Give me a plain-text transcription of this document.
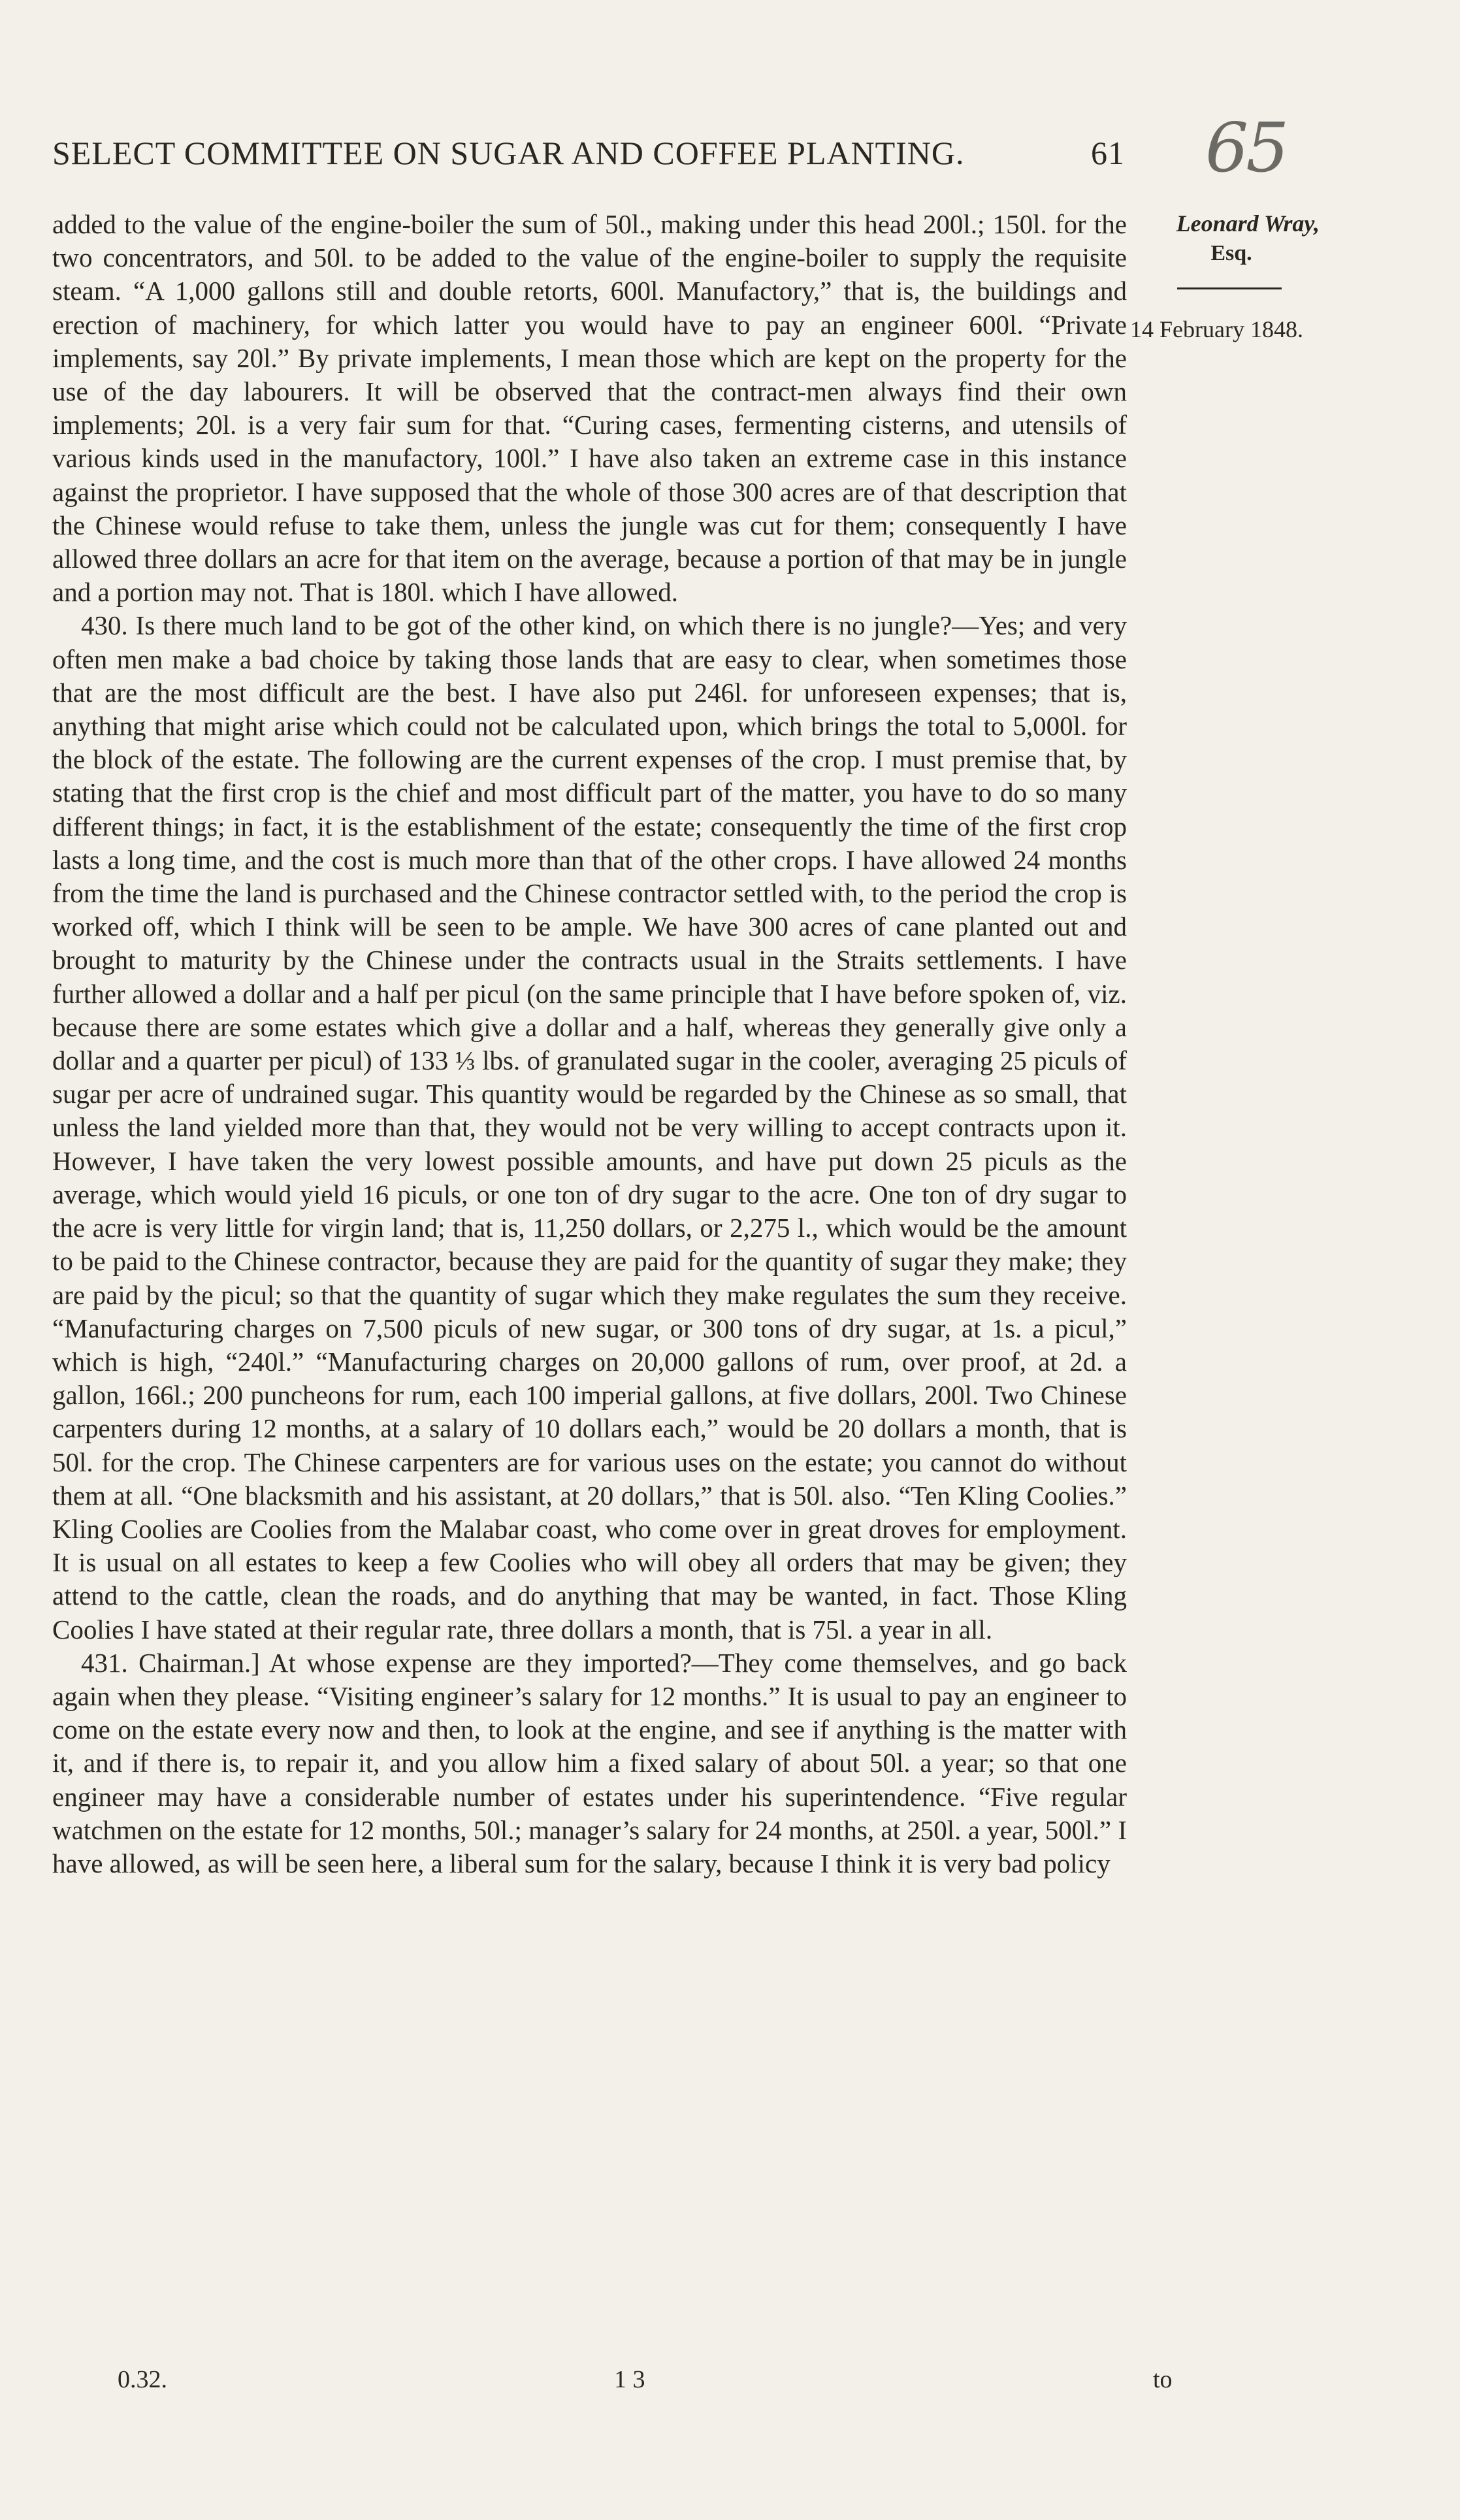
SELECT COMMITTEE ON SUGAR AND COFFEE PLANTING.	61 65

added to the value of the engine-boiler the sum of 50l., making under this head 200l.; 150l. for the two concentrators, and 50l. to be added to the value of the engine-boiler to supply the requisite steam. “A 1,000 gallons still and double retorts, 600l. Manufactory,” that is, the buildings and erection of machinery, for which latter you would have to pay an engineer 600l. “Private implements, say 20l.” By private implements, I mean those which are kept on the property for the use of the day labourers. It will be observed that the contract-men always find their own implements; 20l. is a very fair sum for that. “Curing cases, fermenting cisterns, and utensils of various kinds used in the manufactory, 100l.” I have also taken an extreme case in this instance against the proprietor. I have supposed that the whole of those 300 acres are of that description that the Chinese would refuse to take them, unless the jungle was cut for them; consequently I have allowed three dollars an acre for that item on the average, because a portion of that may be in jungle and a portion may not. That is 180l. which I have allowed.

430. Is there much land to be got of the other kind, on which there is no jungle?—Yes; and very often men make a bad choice by taking those lands that are easy to clear, when sometimes those that are the most difficult are the best. I have also put 246l. for unforeseen expenses; that is, anything that might arise which could not be calculated upon, which brings the total to 5,000l. for the block of the estate. The following are the current expenses of the crop. I must premise that, by stating that the first crop is the chief and most difficult part of the matter, you have to do so many different things; in fact, it is the establishment of the estate; consequently the time of the first crop lasts a long time, and the cost is much more than that of the other crops. I have allowed 24 months from the time the land is purchased and the Chinese contractor settled with, to the period the crop is worked off, which I think will be seen to be ample. We have 300 acres of cane planted out and brought to maturity by the Chinese under the contracts usual in the Straits settlements. I have further allowed a dollar and a half per picul (on the same principle that I have before spoken of, viz. because there are some estates which give a dollar and a half, whereas they generally give only a dollar and a quarter per picul) of 133 ⅓ lbs. of granulated sugar in the cooler, averaging 25 piculs of sugar per acre of undrained sugar. This quantity would be regarded by the Chinese as so small, that unless the land yielded more than that, they would not be very willing to accept contracts upon it. However, I have taken the very lowest possible amounts, and have put down 25 piculs as the average, which would yield 16 piculs, or one ton of dry sugar to the acre. One ton of dry sugar to the acre is very little for virgin land; that is, 11,250 dollars, or 2,275 l., which would be the amount to be paid to the Chinese contractor, because they are paid for the quantity of sugar they make; they are paid by the picul; so that the quantity of sugar which they make regulates the sum they receive. “Manufacturing charges on 7,500 piculs of new sugar, or 300 tons of dry sugar, at 1s. a picul,” which is high, “240l.” “Manufacturing charges on 20,000 gallons of rum, over proof, at 2d. a gallon, 166l.; 200 puncheons for rum, each 100 imperial gallons, at five dollars, 200l. Two Chinese carpenters during 12 months, at a salary of 10 dollars each,” would be 20 dollars a month, that is 50l. for the crop. The Chinese carpenters are for various uses on the estate; you cannot do without them at all. “One blacksmith and his assistant, at 20 dollars,” that is 50l. also. “Ten Kling Coolies.” Kling Coolies are Coolies from the Malabar coast, who come over in great droves for employment. It is usual on all estates to keep a few Coolies who will obey all orders that may be given; they attend to the cattle, clean the roads, and do anything that may be wanted, in fact. Those Kling Coolies I have stated at their regular rate, three dollars a month, that is 75l. a year in all.

431. Chairman.] At whose expense are they imported?—They come themselves, and go back again when they please. “Visiting engineer’s salary for 12 months.” It is usual to pay an engineer to come on the estate every now and then, to look at the engine, and see if anything is the matter with it, and if there is, to repair it, and you allow him a fixed salary of about 50l. a year; so that one engineer may have a considerable number of estates under his superintendence. “Five regular watchmen on the estate for 12 months, 50l.; manager’s salary for 24 months, at 250l. a year, 500l.” I have allowed, as will be seen here, a liberal sum for the salary, because I think it is very bad policy

Leonard Wray,
Esq.
14 February 1848.
0.32.	1 3	to
